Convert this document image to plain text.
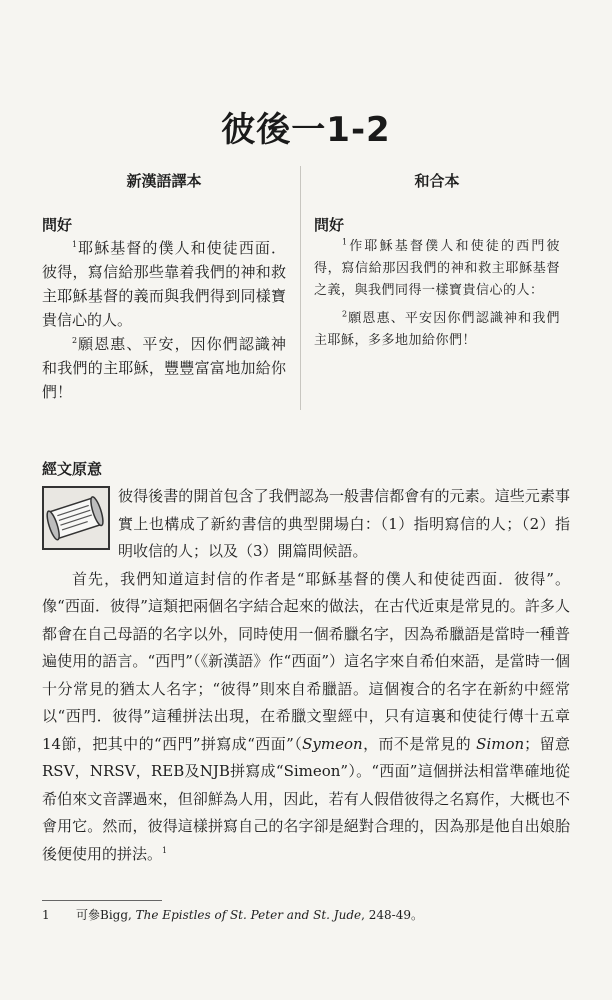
彼後一1-2
新漢語譯本
問好
$^1$耶穌基督的僕人和使徒西面．彼得，寫信給那些靠着我們的神和救主耶穌基督的義而與我們得到同樣寶貴信心的人。
$^2$願恩惠、平安，因你們認識神和我們的主耶穌，豐豐富富地加給你們！
和合本
問好
$^1$作耶穌基督僕人和使徒的西門彼得，寫信給那因我們的神和救主耶穌基督之義，與我們同得一樣寶貴信心的人：
$^2$願恩惠、平安因你們認識神和我們主耶穌，多多地加給你們！
經文原意

彼得後書的開首包含了我們認為一般書信都會有的元素。這些元素事實上也構成了新約書信的典型開場白：（1）指明寫信的人；（2）指明收信的人；以及（3）開篇問候語。

首先，我們知道這封信的作者是“耶穌基督的僕人和使徒西面．彼得”。像“西面．彼得”這類把兩個名字結合起來的做法，在古代近東是常見的。許多人都會在自己母語的名字以外，同時使用一個希臘名字，因為希臘語是當時一種普遍使用的語言。“西門”（《新漢語》作“西面”）這名字來自希伯來語，是當時一個十分常見的猶太人名字；“彼得”則來自希臘語。這個複合的名字在新約中經常以“西門．彼得”這種拼法出現，在希臘文聖經中，只有這裏和使徒行傳十五章14節，把其中的“西門”拼寫成“西面”（Symeon，而不是常見的 Simon；留意RSV，NRSV，REB及NJB拼寫成“Simeon”）。“西面”這個拼法相當準確地從希伯來文音譯過來，但卻鮮為人用，因此，若有人假借彼得之名寫作，大概也不會用它。然而，彼得這樣拼寫自己的名字卻是絕對合理的，因為那是他自出娘胎後便使用的拼法。$^1$

1 可參Bigg, The Epistles of St. Peter and St. Jude, 248-49。
